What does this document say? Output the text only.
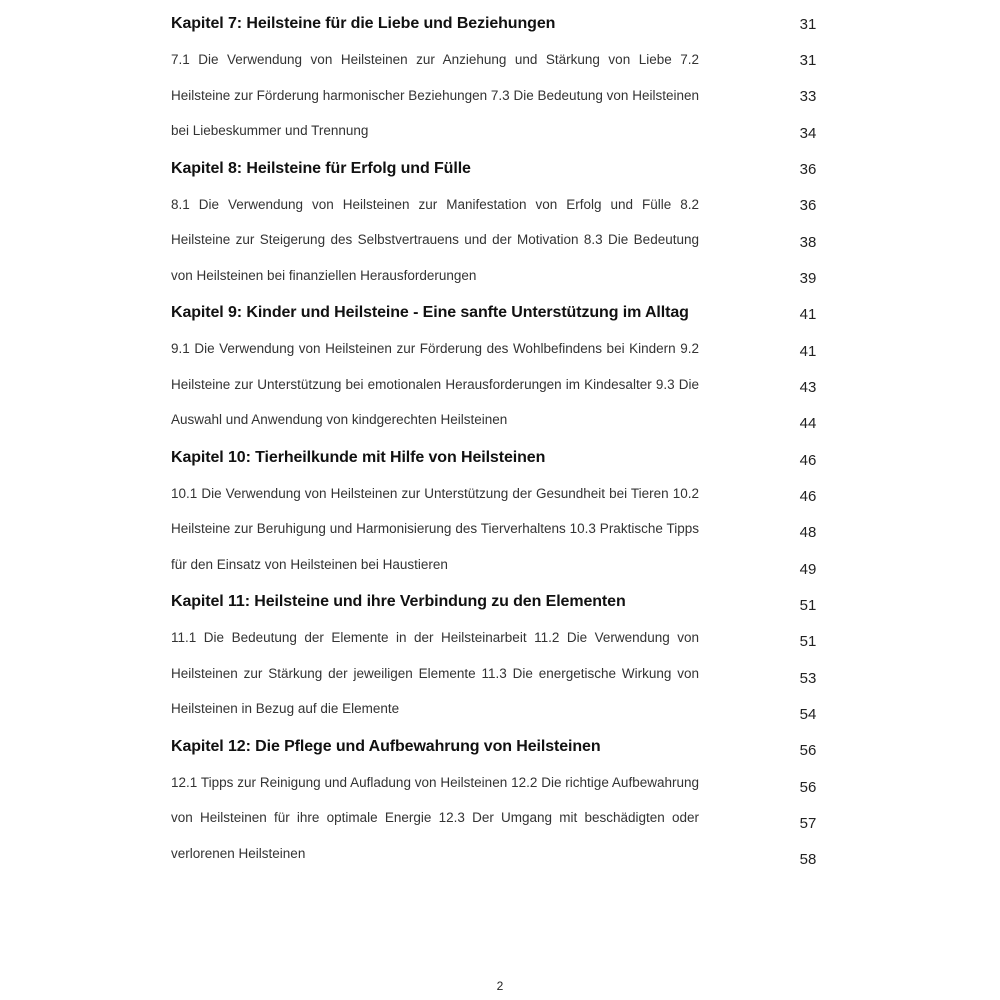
Kapitel 7: Heilsteine für die Liebe und Beziehungen
7.1 Die Verwendung von Heilsteinen zur Anziehung und Stärkung von Liebe 7.2 Heilsteine zur Förderung harmonischer Beziehungen 7.3 Die Bedeutung von Heilsteinen bei Liebeskummer und Trennung
Kapitel 8: Heilsteine für Erfolg und Fülle
8.1 Die Verwendung von Heilsteinen zur Manifestation von Erfolg und Fülle 8.2 Heilsteine zur Steigerung des Selbstvertrauens und der Motivation 8.3 Die Bedeutung von Heilsteinen bei finanziellen Herausforderungen
Kapitel 9: Kinder und Heilsteine - Eine sanfte Unterstützung im Alltag
9.1 Die Verwendung von Heilsteinen zur Förderung des Wohlbefindens bei Kindern 9.2 Heilsteine zur Unterstützung bei emotionalen Herausforderungen im Kindesalter 9.3 Die Auswahl und Anwendung von kindgerechten Heilsteinen
Kapitel 10: Tierheilkunde mit Hilfe von Heilsteinen
10.1 Die Verwendung von Heilsteinen zur Unterstützung der Gesundheit bei Tieren 10.2 Heilsteine zur Beruhigung und Harmonisierung des Tierverhaltens 10.3 Praktische Tipps für den Einsatz von Heilsteinen bei Haustieren
Kapitel 11: Heilsteine und ihre Verbindung zu den Elementen
11.1 Die Bedeutung der Elemente in der Heilsteinarbeit 11.2 Die Verwendung von Heilsteinen zur Stärkung der jeweiligen Elemente 11.3 Die energetische Wirkung von Heilsteinen in Bezug auf die Elemente
Kapitel 12: Die Pflege und Aufbewahrung von Heilsteinen
12.1 Tipps zur Reinigung und Aufladung von Heilsteinen 12.2 Die richtige Aufbewahrung von Heilsteinen für ihre optimale Energie 12.3 Der Umgang mit beschädigten oder verlorenen Heilsteinen
31
31
33
34
36
36
38
39
41
41
43
44
46
46
48
49
51
51
53
54
56
56
57
58
2
